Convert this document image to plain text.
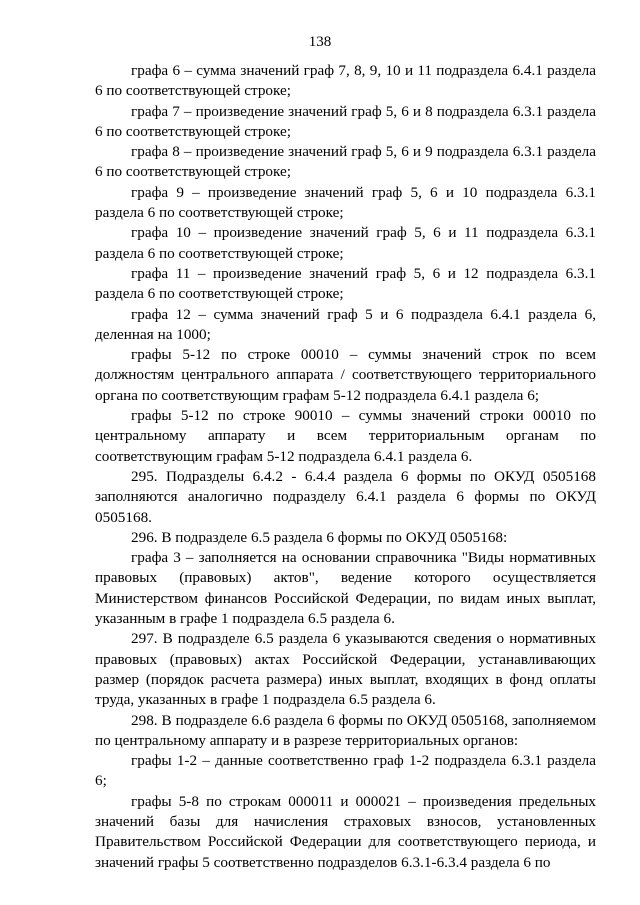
138

графа 6 – сумма значений граф 7, 8, 9, 10 и 11 подраздела 6.4.1 раздела 6 по соответствующей строке;

графа 7 – произведение значений граф 5, 6 и 8 подраздела 6.3.1 раздела 6 по соответствующей строке;

графа 8 – произведение значений граф 5, 6 и 9 подраздела 6.3.1 раздела 6 по соответствующей строке;

графа 9 – произведение значений граф 5, 6 и 10 подраздела 6.3.1 раздела 6 по соответствующей строке;

графа 10 – произведение значений граф 5, 6 и 11 подраздела 6.3.1 раздела 6 по соответствующей строке;

графа 11 – произведение значений граф 5, 6 и 12 подраздела 6.3.1 раздела 6 по соответствующей строке;

графа 12 – сумма значений граф 5 и 6 подраздела 6.4.1 раздела 6, деленная на 1000;

графы 5-12 по строке 00010 – суммы значений строк по всем должностям центрального аппарата / соответствующего территориального органа по соответствующим графам 5-12 подраздела 6.4.1 раздела 6;

графы 5-12 по строке 90010 – суммы значений строки 00010 по центральному аппарату и всем территориальным органам по соответствующим графам 5-12 подраздела 6.4.1 раздела 6.

295. Подразделы 6.4.2 - 6.4.4 раздела 6 формы по ОКУД 0505168 заполняются аналогично подразделу 6.4.1 раздела 6 формы по ОКУД 0505168.

296. В подразделе 6.5 раздела 6 формы по ОКУД 0505168:

графа 3 – заполняется на основании справочника "Виды нормативных правовых (правовых) актов", ведение которого осуществляется Министерством финансов Российской Федерации, по видам иных выплат, указанным в графе 1 подраздела 6.5 раздела 6.

297. В подразделе 6.5 раздела 6 указываются сведения о нормативных правовых (правовых) актах Российской Федерации, устанавливающих размер (порядок расчета размера) иных выплат, входящих в фонд оплаты труда, указанных в графе 1 подраздела 6.5 раздела 6.

298. В подразделе 6.6 раздела 6 формы по ОКУД 0505168, заполняемом по центральному аппарату и в разрезе территориальных органов:

графы 1-2 – данные соответственно граф 1-2 подраздела 6.3.1 раздела 6;

графы 5-8 по строкам 000011 и 000021 – произведения предельных значений базы для начисления страховых взносов, установленных Правительством Российской Федерации для соответствующего периода, и значений графы 5 соответственно подразделов 6.3.1-6.3.4 раздела 6 по
